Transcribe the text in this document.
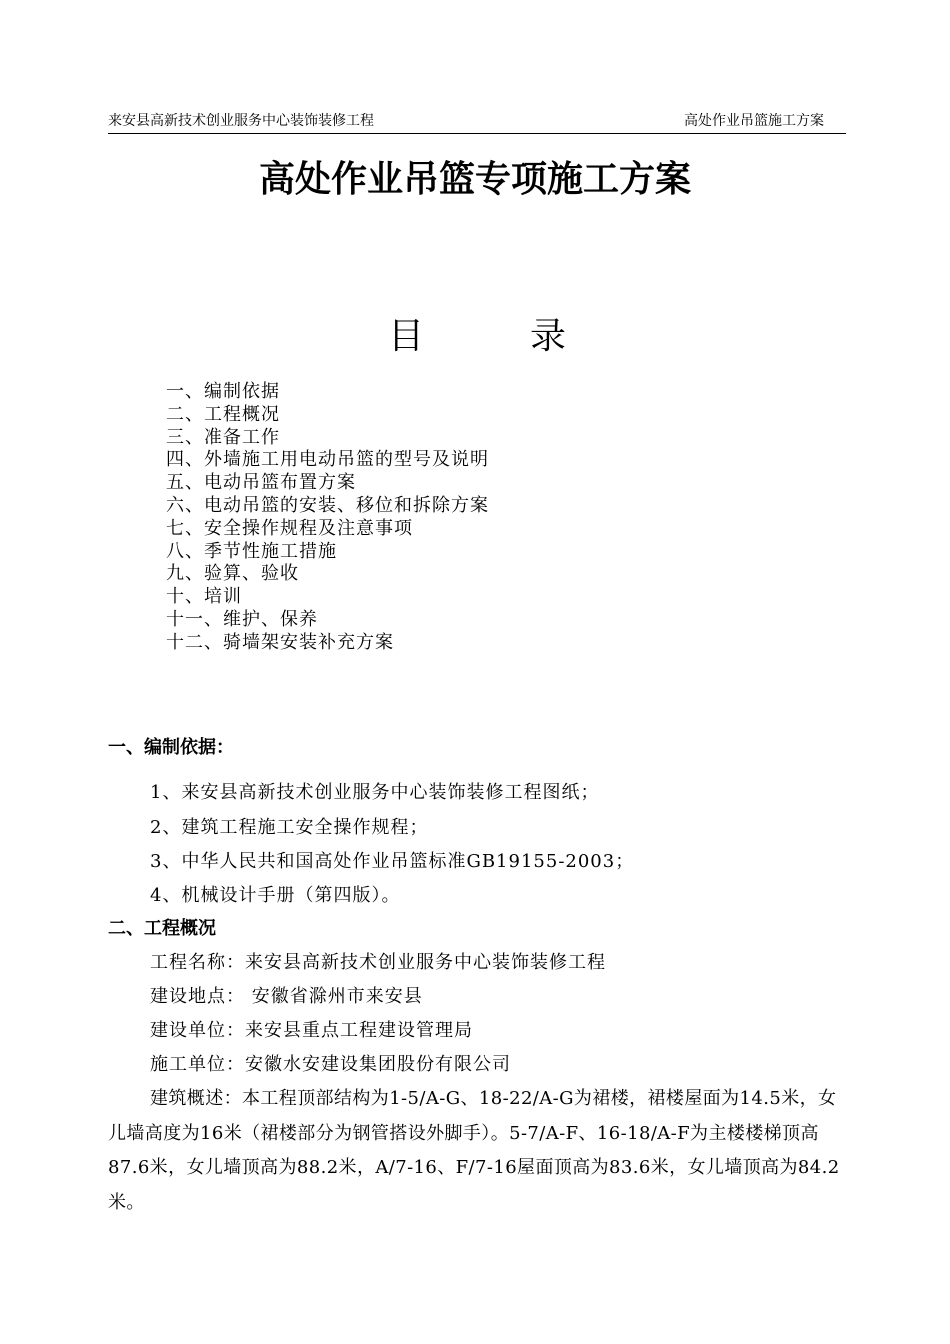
来安县高新技术创业服务中心装饰装修工程	高处作业吊篮施工方案
高处作业吊篮专项施工方案
目	录
一、编制依据
二、工程概况
三、准备工作
四、外墙施工用电动吊篮的型号及说明
五、电动吊篮布置方案
六、电动吊篮的安装、移位和拆除方案
七、安全操作规程及注意事项
八、季节性施工措施
九、验算、验收
十、培训
十一、维护、保养
十二、骑墙架安装补充方案
一、编制依据：
1、来安县高新技术创业服务中心装饰装修工程图纸；
2、建筑工程施工安全操作规程；
3、中华人民共和国高处作业吊篮标准GB19155-2003；
4、机械设计手册（第四版）。
二、工程概况
工程名称：来安县高新技术创业服务中心装饰装修工程
建设地点： 安徽省滁州市来安县
建设单位：来安县重点工程建设管理局
施工单位：安徽水安建设集团股份有限公司
建筑概述：本工程顶部结构为1-5/A-G、18-22/A-G为裙楼，裙楼屋面为14.5米，女儿墙高度为16米（裙楼部分为钢管搭设外脚手）。5-7/A-F、16-18/A-F为主楼楼梯顶高87.6米，女儿墙顶高为88.2米，A/7-16、F/7-16屋面顶高为83.6米，女儿墙顶高为84.2米。
